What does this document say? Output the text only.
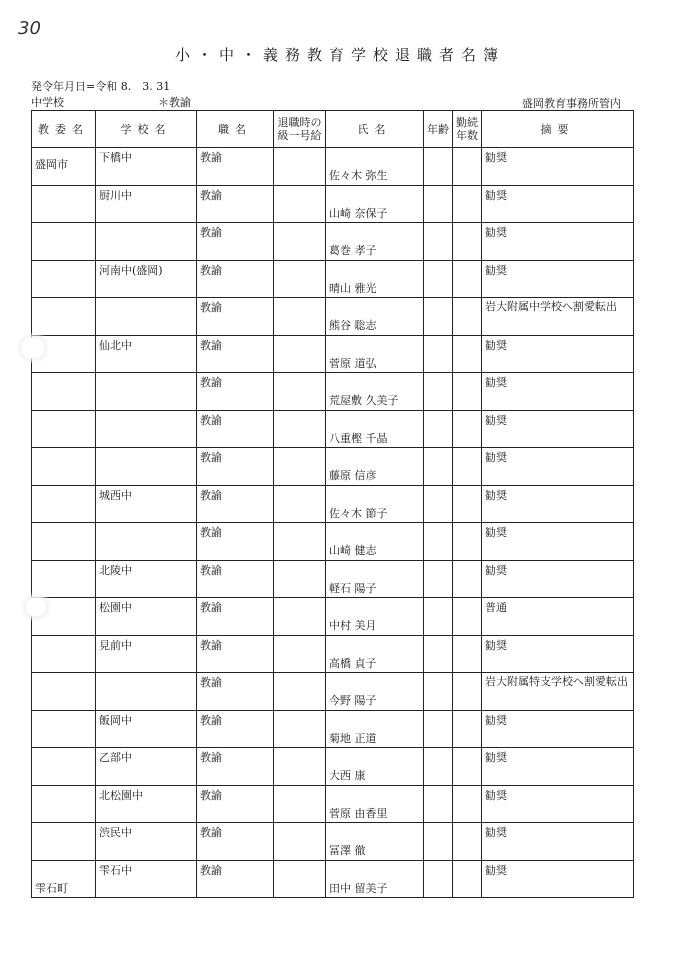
30
小・中・義務教育学校退職者名簿
発令年月日=令和 8.　3. 31
中学校	＊教諭	盛岡教育事務所管内
教委名	学校名	職名	退職時の級一号給	氏名	年齢	勤続年数	摘要

盛岡市	下橋中	教諭		佐々木 弥生			勧奨

	厨川中	教諭		山崎 奈保子			勧奨

		教諭		葛巻 孝子			勧奨

	河南中(盛岡)	教諭		晴山 雅光			勧奨

		教諭		熊谷 聡志			岩大附属中学校へ割愛転出

	仙北中	教諭		菅原 道弘			勧奨

		教諭		荒屋敷 久美子			勧奨

		教諭		八重樫 千晶			勧奨

		教諭		藤原 信彦			勧奨

	城西中	教諭		佐々木 節子			勧奨

		教諭		山崎 健志			勧奨

	北陵中	教諭		軽石 陽子			勧奨

	松園中	教諭		中村 美月			普通

	見前中	教諭		高橋 貞子			勧奨

		教諭		今野 陽子			岩大附属特支学校へ割愛転出

	飯岡中	教諭		菊地 正道			勧奨

	乙部中	教諭		大西 康			勧奨

	北松園中	教諭		菅原 由香里			勧奨

	渋民中	教諭		冨澤 徹			勧奨

雫石町	雫石中	教諭		田中 留美子			勧奨
